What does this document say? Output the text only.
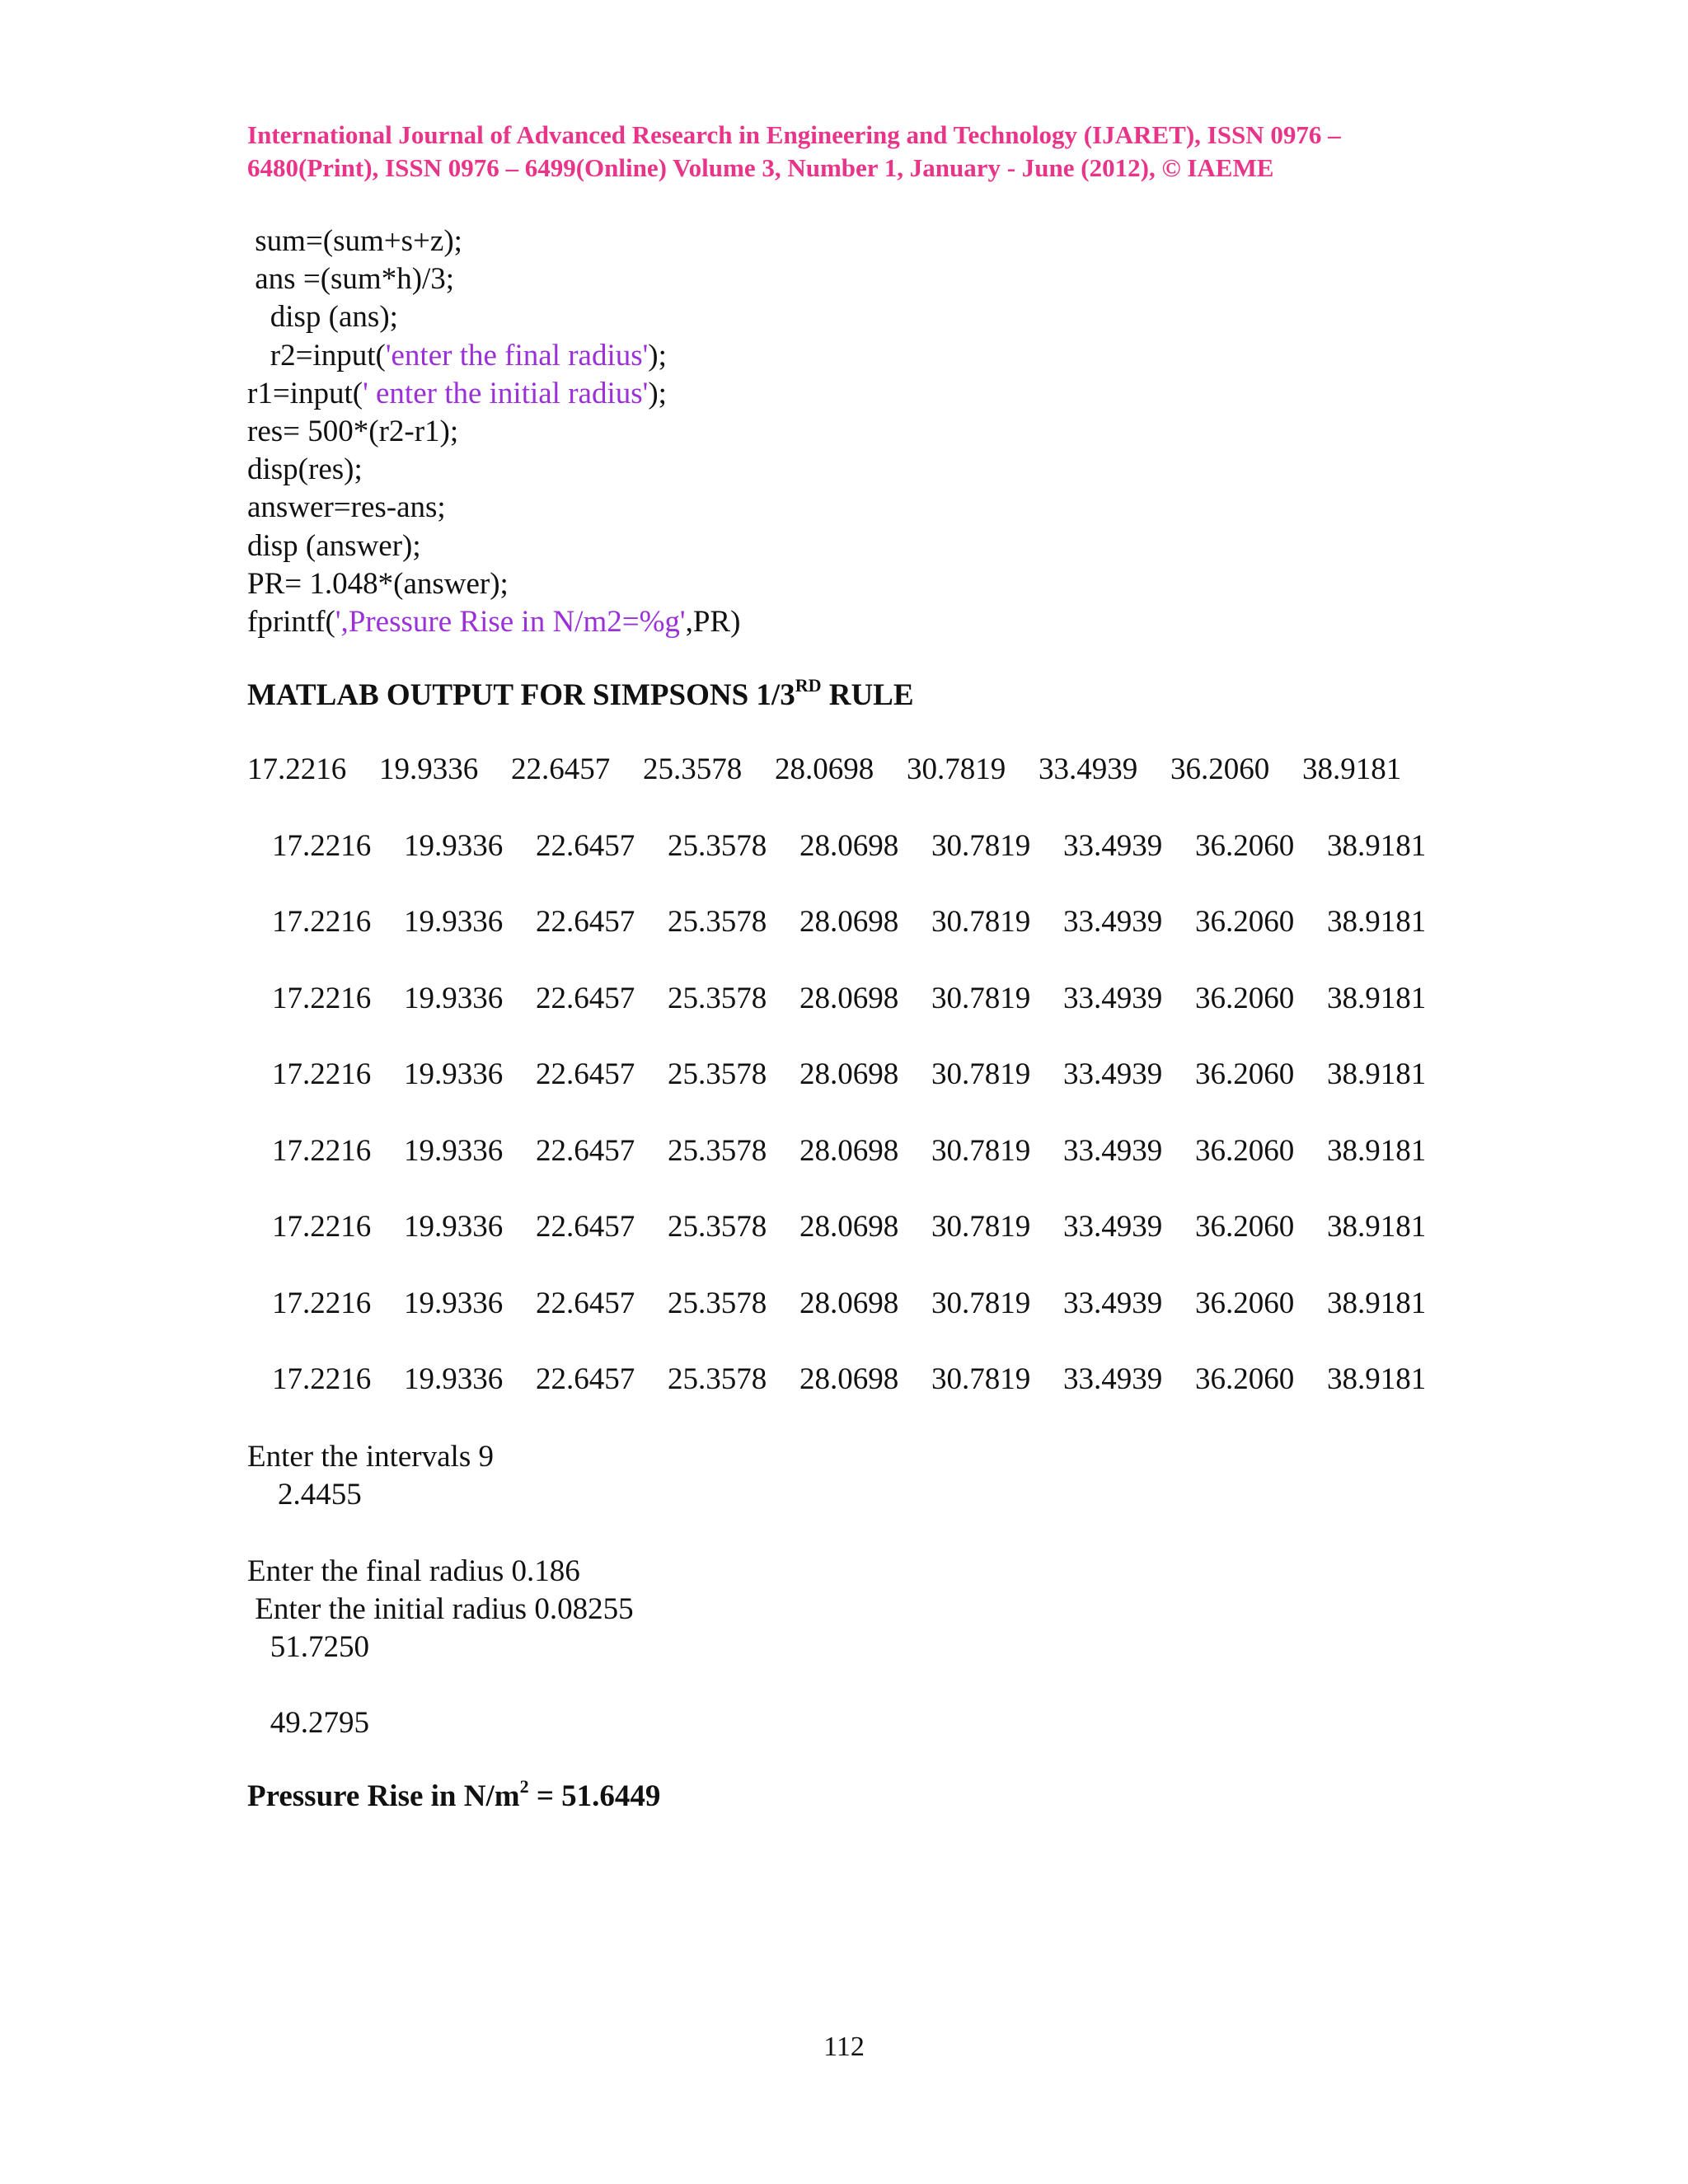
International Journal of Advanced Research in Engineering and Technology (IJARET), ISSN 0976 –
6480(Print), ISSN 0976 – 6499(Online) Volume 3, Number 1, January - June (2012), © IAEME
sum=(sum+s+z);
ans =(sum*h)/3;
disp (ans);
r2=input('enter the final radius');
r1=input(' enter the initial radius');
res= 500*(r2-r1);
disp(res);
answer=res-ans;
disp (answer);
PR= 1.048*(answer);
fprintf(',Pressure Rise in N/m2=%g',PR)
MATLAB OUTPUT FOR SIMPSONS 1/3RD RULE
17.2216 19.9336 22.6457 25.3578 28.0698 30.7819 33.4939 36.2060 38.9181
17.2216 19.9336 22.6457 25.3578 28.0698 30.7819 33.4939 36.2060 38.9181
17.2216 19.9336 22.6457 25.3578 28.0698 30.7819 33.4939 36.2060 38.9181
17.2216 19.9336 22.6457 25.3578 28.0698 30.7819 33.4939 36.2060 38.9181
17.2216 19.9336 22.6457 25.3578 28.0698 30.7819 33.4939 36.2060 38.9181
17.2216 19.9336 22.6457 25.3578 28.0698 30.7819 33.4939 36.2060 38.9181
17.2216 19.9336 22.6457 25.3578 28.0698 30.7819 33.4939 36.2060 38.9181
17.2216 19.9336 22.6457 25.3578 28.0698 30.7819 33.4939 36.2060 38.9181
17.2216 19.9336 22.6457 25.3578 28.0698 30.7819 33.4939 36.2060 38.9181
Enter the intervals 9
2.4455
Enter the final radius 0.186
Enter the initial radius 0.08255
51.7250
49.2795
Pressure Rise in $N/m^2 = 51.6449$
112
